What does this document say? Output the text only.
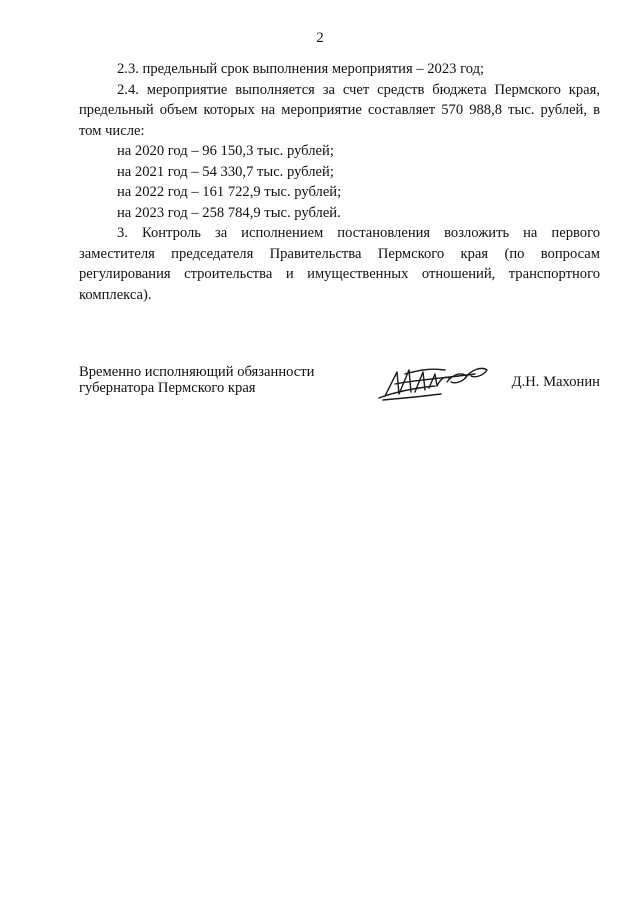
2

2.3. предельный срок выполнения мероприятия – 2023 год;

2.4. мероприятие выполняется за счет средств бюджета Пермского края, предельный объем которых на мероприятие составляет 570 988,8 тыс. рублей, в том числе:

на 2020 год – 96 150,3 тыс. рублей;

на 2021 год – 54 330,7 тыс. рублей;

на 2022 год – 161 722,9 тыс. рублей;

на 2023 год – 258 784,9 тыс. рублей.

3. Контроль за исполнением постановления возложить на первого заместителя председателя Правительства Пермского края (по вопросам регулирования строительства и имущественных отношений, транспортного комплекса).

Временно исполняющий обязанности
губернатора Пермского края	Д.Н. Махонин
